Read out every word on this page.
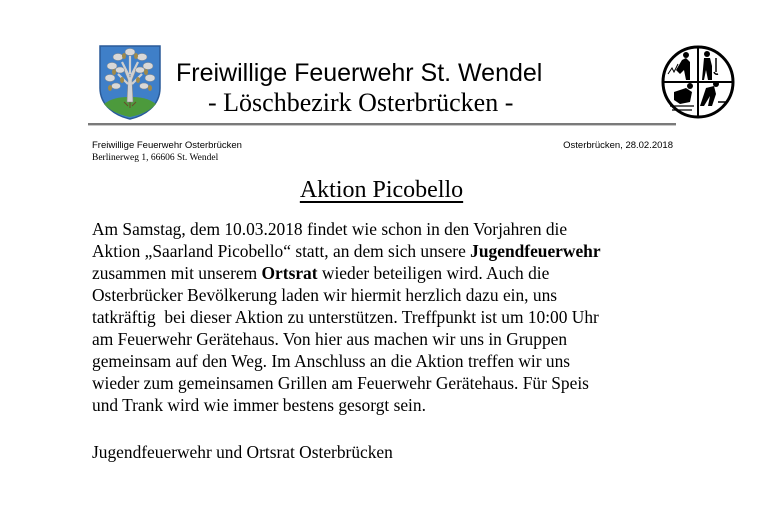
Freiwillige Feuerwehr St. Wendel
- Löschbezirk Osterbrücken -
Freiwillige Feuerwehr Osterbrücken
Berlinerweg 1, 66606 St. Wendel
Osterbrücken, 28.02.2018
Aktion Picobello
Am Samstag, dem 10.03.2018 findet wie schon in den Vorjahren die
Aktion „Saarland Picobello“ statt, an dem sich unsere Jugendfeuerwehr
zusammen mit unserem Ortsrat wieder beteiligen wird. Auch die
Osterbrücker Bevölkerung laden wir hiermit herzlich dazu ein, uns
tatkräftig  bei dieser Aktion zu unterstützen. Treffpunkt ist um 10:00 Uhr
am Feuerwehr Gerätehaus. Von hier aus machen wir uns in Gruppen
gemeinsam auf den Weg. Im Anschluss an die Aktion treffen wir uns
wieder zum gemeinsamen Grillen am Feuerwehr Gerätehaus. Für Speis
und Trank wird wie immer bestens gesorgt sein.
Jugendfeuerwehr und Ortsrat Osterbrücken
